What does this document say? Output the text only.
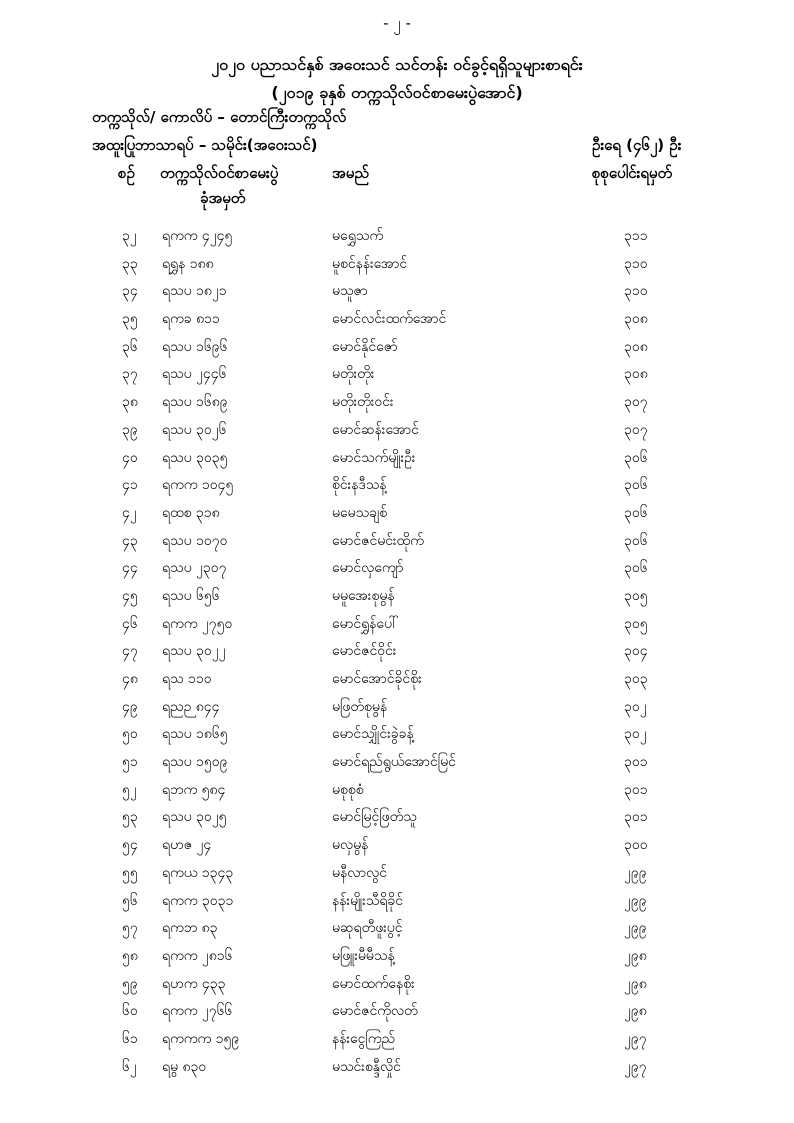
- ၂ -
၂၀၂၀ ပညာသင်နှစ် အဝေးသင် သင်တန်း ဝင်ခွင့်ရရှိသူများစာရင်း
(၂၀၁၉ ခုနှစ် တက္ကသိုလ်ဝင်စာမေးပွဲအောင်)
တက္ကသိုလ်/ ကောလိပ် – တောင်ကြီးတက္ကသိုလ်
အထူးပြုဘာသာရပ် – သမိုင်း(အဝေးသင်)	ဦးရေ (၄၆၂) ဦး
စဉ် တက္ကသိုလ်ဝင်စာမေးပွဲ
ခုံအမှတ်
အမည်	စုစုပေါင်းရမှတ်
၃၂ ရကက ၄၂၄၅	မရွှေသက်	၃၁၁
၃၃ ရရွှန ၁၈၈	မူစင်နန်းအောင်	၃၁၀
၃၄ ရသပ ၁၈၂၁	မသူဇာ	၃၁၀
၃၅ ရကခ ၈၁၁	မောင်လင်းထက်အောင်	၃၀၈
၃၆ ရသပ ၁၆၉၆	မောင်နိုင်ဇော်	၃၀၈
၃၇ ရသပ ၂၄၄၆	မတိုးတိုး	၃၀၈
၃၈ ရသပ ၁၆၈၉	မတိုးတိုးဝင်း	၃၀၇
၃၉ ရသပ ၃၀၂၆	မောင်ဆန်းအောင်	၃၀၇
၄၀ ရသပ ၃၀၃၅	မောင်သက်မျိုးဦး	၃၀၆
၄၁ ရကက ၁၀၄၅	စိုင်းနဒီသန့်	၃၀၆
၄၂ ရထစ ၃၁၈	မမေသချစ်	၃၀၆
၄၃ ရသပ ၁၀၇၀	မောင်ဇင်မင်းထိုက်	၃၀၆
၄၄ ရသပ ၂၃၀၇	မောင်လှကျော်	၃၀၆
၄၅ ရသပ ၆၅၆	မမူအေးစုမွန်	၃၀၅
၄၆ ရကက ၂၇၅၀	မောင်ရွှန်ပေါ်	၃၀၅
၄၇ ရသပ ၃၀၂၂	မောင်ဇင်ဝိုင်း	၃၀၄
၄၈ ရသ ၁၁၀	မောင်အောင်ခိုင်စိုး	၃၀၃
၄၉ ရညဉ ၈၄၄	မဖြတ်စုမွန်	၃၀၂
၅၀ ရသပ ၁၈၆၅	မောင်သျှိုင်းခွဲခန့်	၃၀၂
၅၁ ရသပ ၁၅၀၉	မောင်ရည်ရွယ်အောင်မြင်	၃၀၁
၅၂ ရဘက ၅၈၄	မစုစုစံ	၃၀၁
၅၃ ရသပ ၃၀၂၅	မောင်မြင့်ဖြတ်သူ	၃၀၁
၅၄ ရဟဇ ၂၄	မလှမွန်	၃၀၀
၅၅ ရကယ ၁၃၄၃	မနီလာလွင်	၂၉၉
၅၆ ရကက ၃၀၃၁	နန်းမျိုးသီရိခိုင်	၂၉၉
၅၇ ရကဘ ၈၃	မဆုရတီဖူးပွင့်	၂၉၉
၅၈ ရကက ၂၈၁၆	မဖြူးမီမီသန့်	၂၉၈
၅၉ ရဟက ၄၃၃	မောင်ထက်နေစိုး	၂၉၈
၆၀ ရကက ၂၇၆၆	မောင်ဇင်ကိုလတ်	၂၉၈
၆၁ ရကကက ၁၅၉	နန်းငွေကြည်	၂၉၇
၆၂ ရမွ ၈၃၀	မသင်းစန္ဒီလှိုင်	၂၉၇
